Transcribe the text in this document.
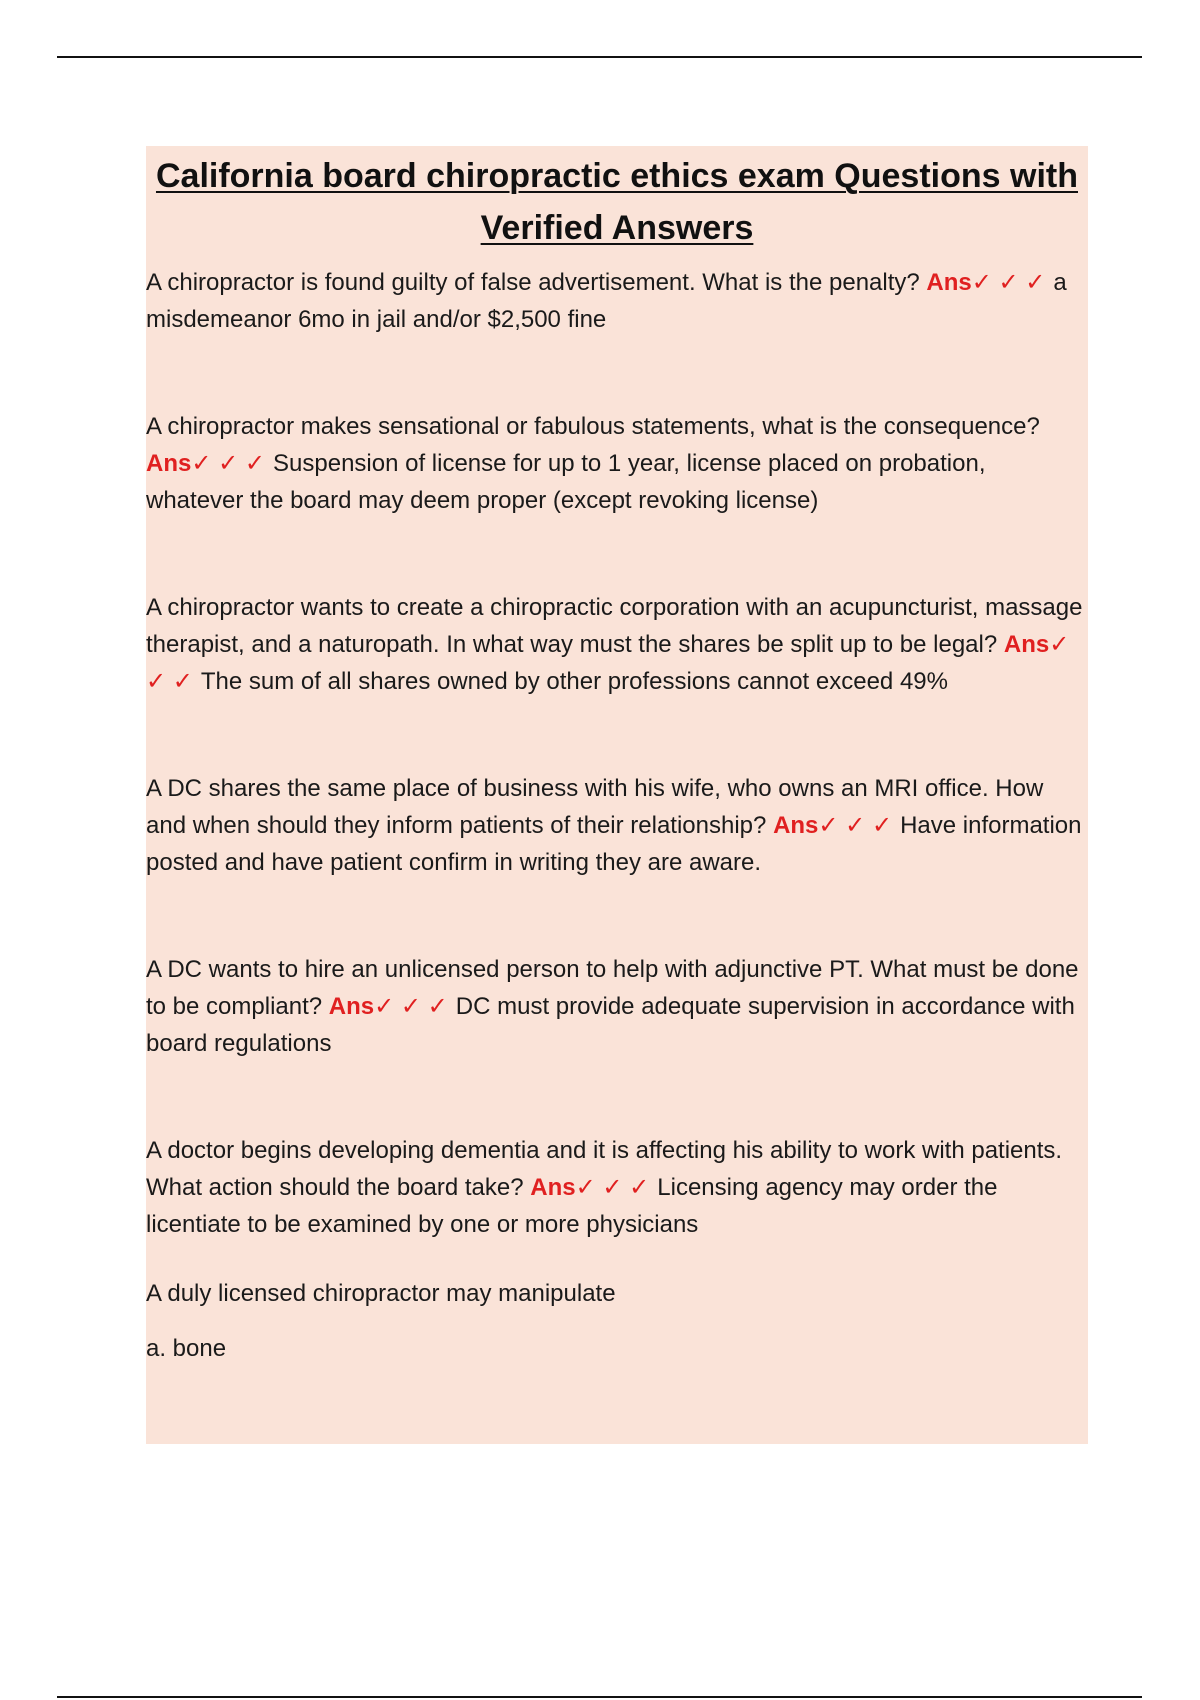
California board chiropractic ethics exam Questions with Verified Answers

A chiropractor is found guilty of false advertisement. What is the penalty? Ans✓ ✓ ✓ a misdemeanor 6mo in jail and/or $2,500 fine

A chiropractor makes sensational or fabulous statements, what is the consequence? Ans✓ ✓ ✓ Suspension of license for up to 1 year, license placed on probation, whatever the board may deem proper (except revoking license)

A chiropractor wants to create a chiropractic corporation with an acupuncturist, massage therapist, and a naturopath. In what way must the shares be split up to be legal? Ans✓ ✓ ✓ The sum of all shares owned by other professions cannot exceed 49%

A DC shares the same place of business with his wife, who owns an MRI office. How and when should they inform patients of their relationship? Ans✓ ✓ ✓ Have information posted and have patient confirm in writing they are aware.

A DC wants to hire an unlicensed person to help with adjunctive PT. What must be done to be compliant? Ans✓ ✓ ✓ DC must provide adequate supervision in accordance with board regulations

A doctor begins developing dementia and it is affecting his ability to work with patients. What action should the board take? Ans✓ ✓ ✓ Licensing agency may order the licentiate to be examined by one or more physicians

A duly licensed chiropractor may manipulate

a. bone
